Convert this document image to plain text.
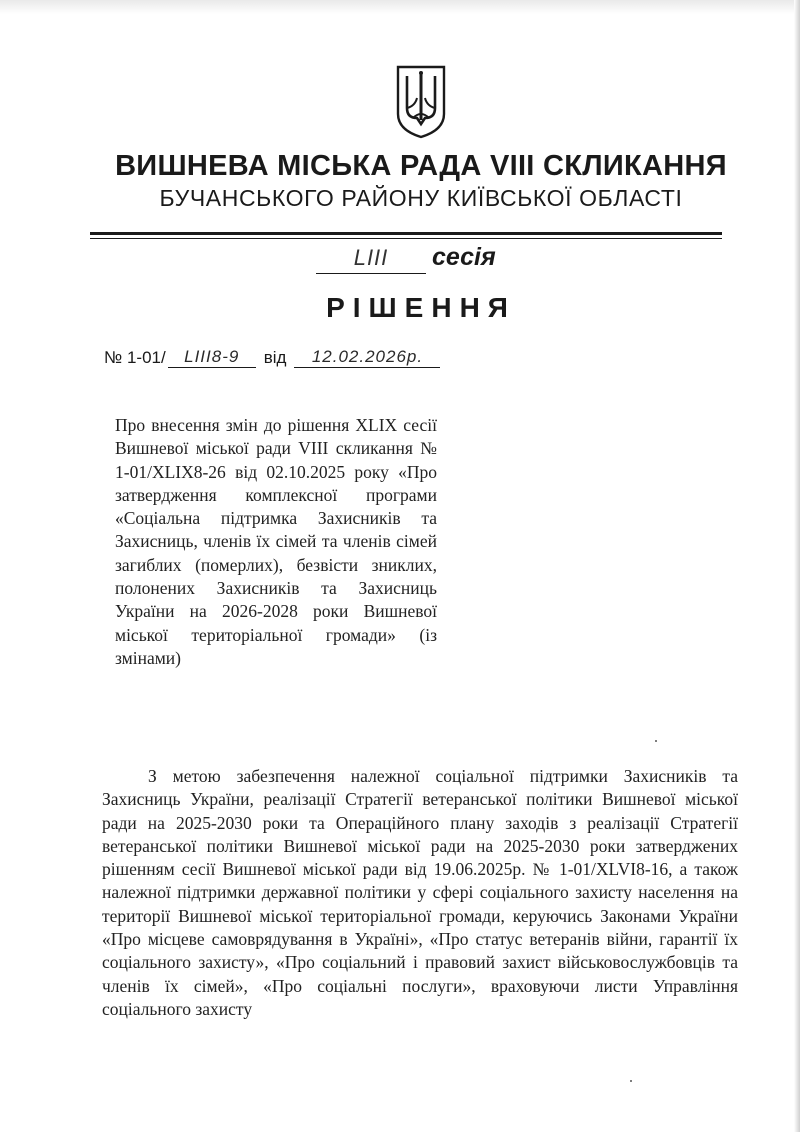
ВИШНЕВА МІСЬКА РАДА VIII СКЛИКАННЯ
БУЧАНСЬКОГО РАЙОНУ КИЇВСЬКОЇ ОБЛАСТІ
LIII	сесія
РІШЕННЯ
№ 1-01/ LIII8-9 від 12.02.2026р.
Про внесення змін до рішення XLIX сесії Вишневої міської ради VIII скликання № 1-01/XLIX8-26 від 02.10.2025 року «Про затвердження комплексної програми «Соціальна підтримка Захисників та Захисниць, членів їх сімей та членів сімей загиблих (померлих), безвісти зниклих, полонених Захисників та Захисниць України на 2026-2028 роки Вишневої міської територіальної громади» (із змінами)
З метою забезпечення належної соціальної підтримки Захисників та Захисниць України, реалізації Стратегії ветеранської політики Вишневої міської ради на 2025-2030 роки та Операційного плану заходів з реалізації Стратегії ветеранської політики Вишневої міської ради на 2025-2030 роки затверджених рішенням сесії Вишневої міської ради від 19.06.2025р. № 1-01/XLVI8-16, а також належної підтримки державної політики у сфері соціального захисту населення на території Вишневої міської територіальної громади, керуючись Законами України «Про місцеве самоврядування в Україні», «Про статус ветеранів війни, гарантії їх соціального захисту», «Про соціальний і правовий захист військовослужбовців та членів їх сімей», «Про соціальні послуги», враховуючи листи Управління соціального захисту
